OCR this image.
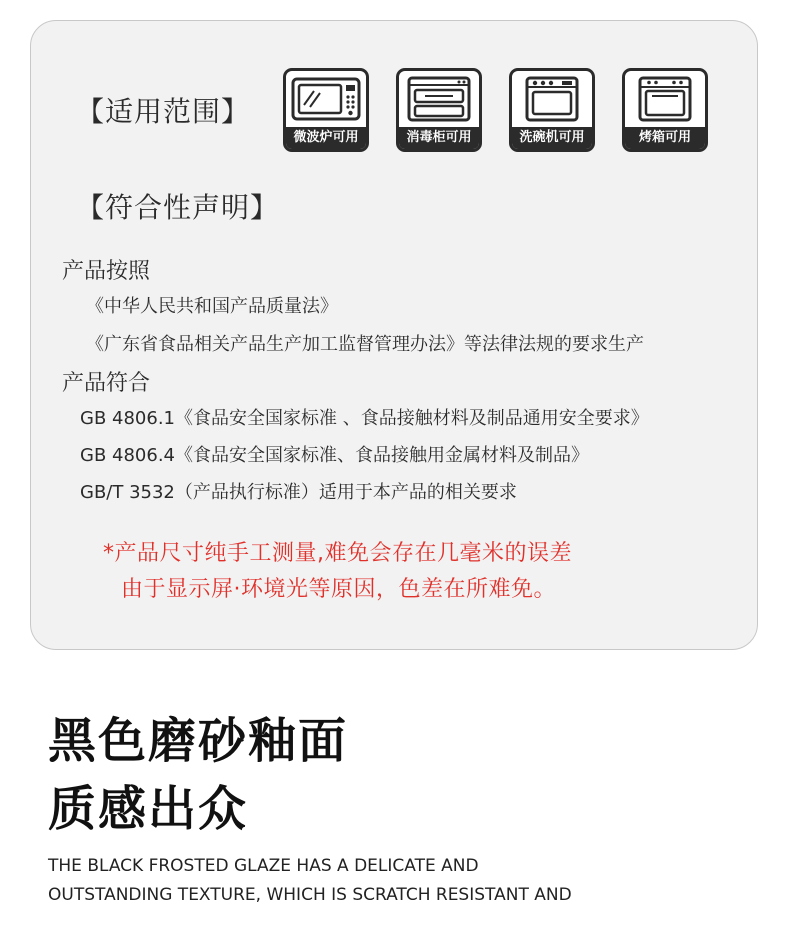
【适用范围】
微波炉可用	消毒柜可用	洗碗机可用	烤箱可用
【符合性声明】
产品按照
《中华人民共和国产品质量法》
《广东省食品相关产品生产加工监督管理办法》等法律法规的要求生产
产品符合
GB 4806.1《食品安全国家标准 、食品接触材料及制品通用安全要求》
GB 4806.4《食品安全国家标准、食品接触用金属材料及制品》
GB/T 3532（产品执行标准）适用于本产品的相关要求
*产品尺寸纯手工测量,难免会存在几毫米的误差
由于显示屏·环境光等原因，色差在所难免。
黑色磨砂釉面
质感出众
THE BLACK FROSTED GLAZE HAS A DELICATE AND
OUTSTANDING TEXTURE, WHICH IS SCRATCH RESISTANT AND
